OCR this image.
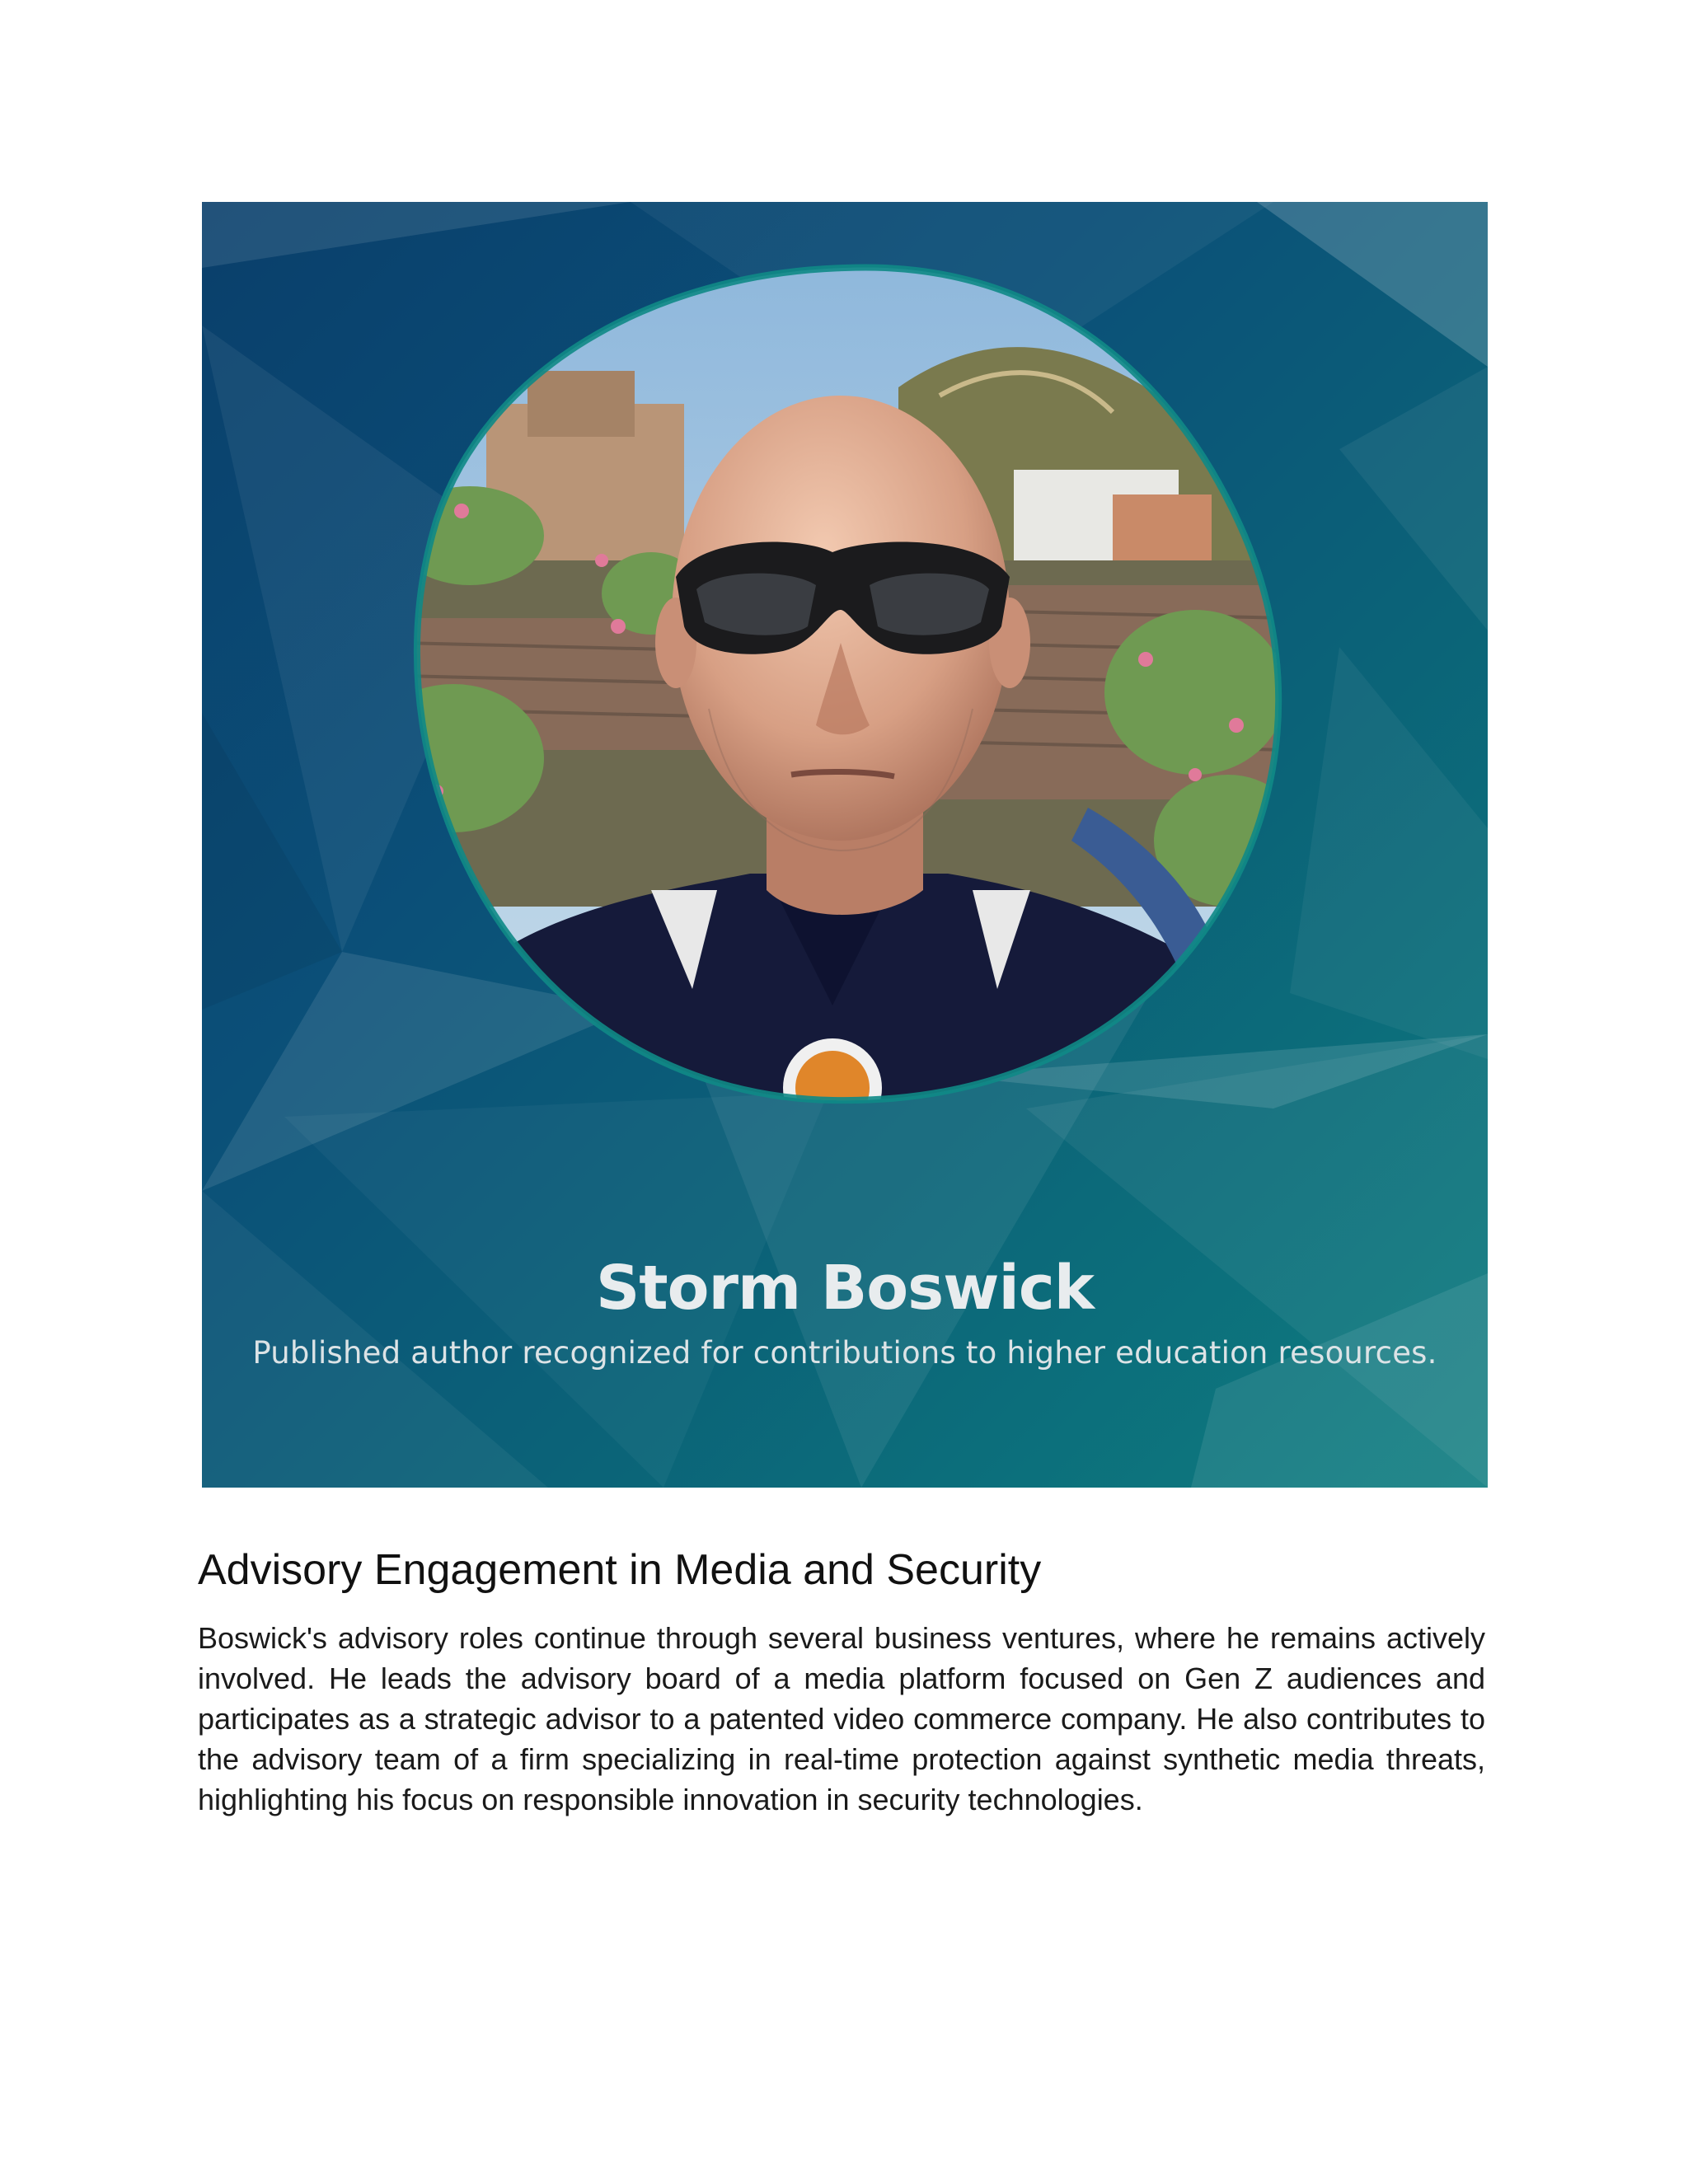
Storm Boswick
Published author recognized for contributions to higher education resources.
Advisory Engagement in Media and Security

Boswick's advisory roles continue through several business ventures, where he remains actively involved. He leads the advisory board of a media platform focused on Gen Z audiences and participates as a strategic advisor to a patented video commerce company. He also contributes to the advisory team of a firm specializing in real-time protection against synthetic media threats, highlighting his focus on responsible innovation in security technologies.
